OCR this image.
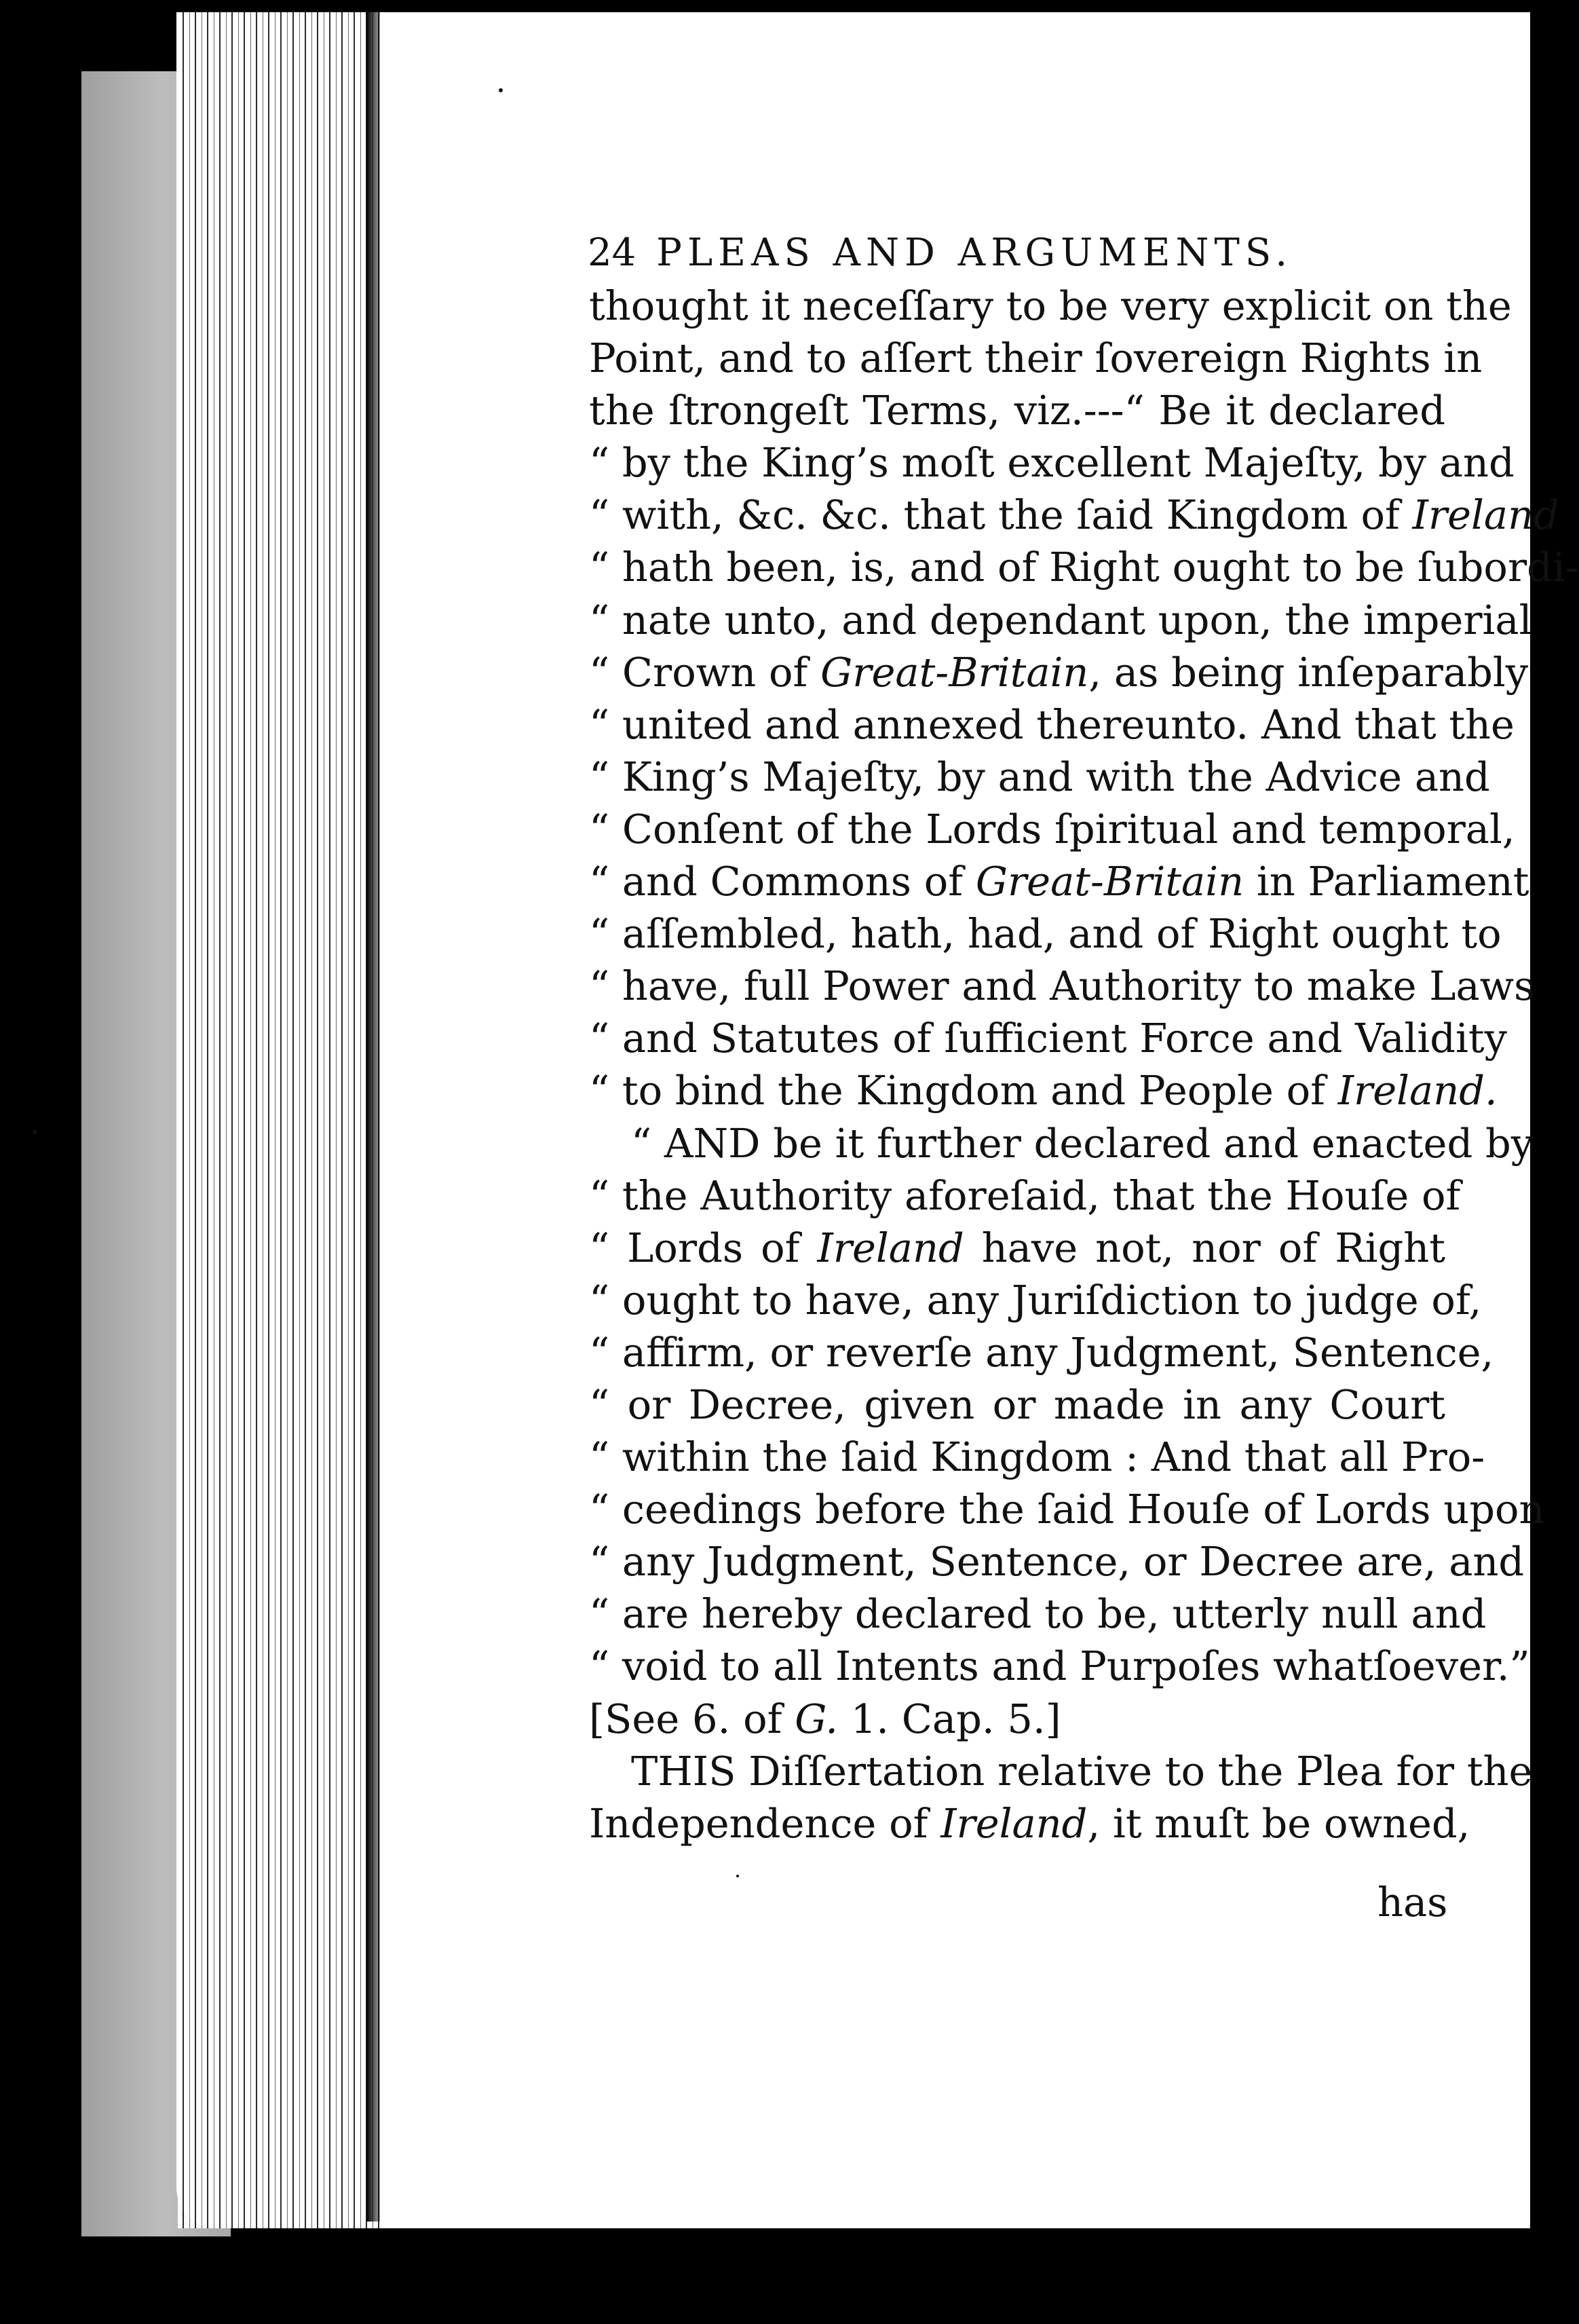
24 PLEAS AND ARGUMENTS.
thought it neceſſary to be very explicit on the
Point, and to aſſert their ſovereign Rights in
the ſtrongeſt Terms, viz.---“ Be it declared
“ by the King’s moſt excellent Majeſty, by and
“ with, &c. &c. that the ſaid Kingdom of Ireland
“ hath been, is, and of Right ought to be ſubordi-
“ nate unto, and dependant upon, the imperial
“ Crown of Great-Britain, as being inſeparably
“ united and annexed thereunto. And that the
“ King’s Majeſty, by and with the Advice and
“ Conſent of the Lords ſpiritual and temporal,
“ and Commons of Great-Britain in Parliament
“ aſſembled, hath, had, and of Right ought to
“ have, full Power and Authority to make Laws
“ and Statutes of ſufficient Force and Validity
“ to bind the Kingdom and People of Ireland.
“ AND be it further declared and enacted by
“ the Authority aforeſaid, that the Houſe of
“ Lords of Ireland have not, nor of Right
“ ought to have, any Juriſdiction to judge of,
“ affirm, or reverſe any Judgment, Sentence,
“ or Decree, given or made in any Court
“ within the ſaid Kingdom : And that all Pro-
“ ceedings before the ſaid Houſe of Lords upon
“ any Judgment, Sentence, or Decree are, and
“ are hereby declared to be, utterly null and
“ void to all Intents and Purpoſes whatſoever.”
[See 6. of G. 1. Cap. 5.]
THIS Diſſertation relative to the Plea for the
Independence of Ireland, it muſt be owned,
has
